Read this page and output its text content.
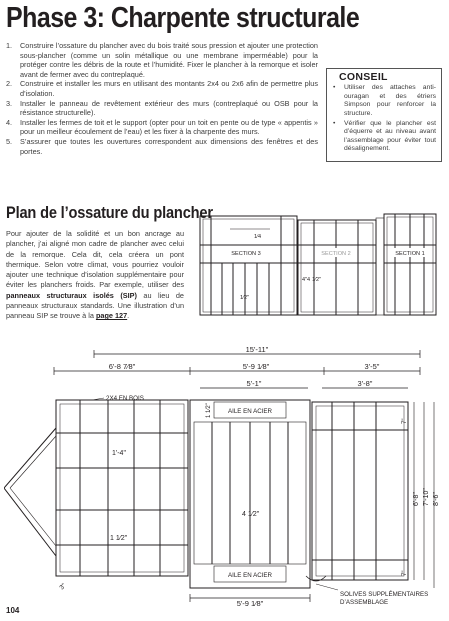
Phase 3: Charpente structurale
1. Construire l’ossature du plancher avec du bois traité sous pression et ajouter une protection sous-plancher (comme un solin métallique ou une membrane imperméable) pour la protéger contre les débris de la route et l’humidité. Fixer le plancher à la remorque et isoler avant de fermer avec du contreplaqué.
2. Construire et installer les murs en utilisant des montants 2x4 ou 2x6 afin de permettre plus d’isolation.
3. Installer le panneau de revêtement extérieur des murs (contreplaqué ou OSB pour la résistance structurelle).
4. Installer les fermes de toit et le support (opter pour un toit en pente ou de type « appentis » pour un meilleur écoulement de l’eau) et les fixer à la charpente des murs.
5. S’assurer que toutes les ouvertures correspondent aux dimensions des fenêtres et des portes.
CONSEIL
• Utiliser des attaches anti-ouragan et des étriers Simpson pour renforcer la structure.
• Vérifier que le plancher est d’équerre et au niveau avant l’assemblage pour éviter tout désalignement.
Plan de l’ossature du plancher
Pour ajouter de la solidité et un bon ancrage au plancher, j’ai aligné mon cadre de plancher avec celui de la remorque. Cela dit, cela créera un pont thermique. Selon votre climat, vous pourriez vouloir ajouter une technique d’isolation supplémentaire pour éviter les planchers froids. Par exemple, utiliser des panneaux structuraux isolés (SIP) au lieu de panneaux structuraux standards. Une illustration d’un panneau SIP se trouve à la page 127.
SECTION 3	SECTION 2	SECTION 1
1⁄4
1⁄2"
4"4 1⁄2"
15'-11"
6'-8 7⁄8"	5'-9 1⁄8"	3'-5"
5'-1"	3'-8"
2X4 EN BOIS
AILE EN ACIER
AILE EN ACIER
SOLIVES SUPPLÉMENTAIRES
D’ASSEMBLAGE
1'-4"
1 1⁄2"
4 1⁄2"
1 1⁄2"
3"
7"
7"
6'-8" 7'-10" 8'-6"
5'-9 1⁄8"
104
